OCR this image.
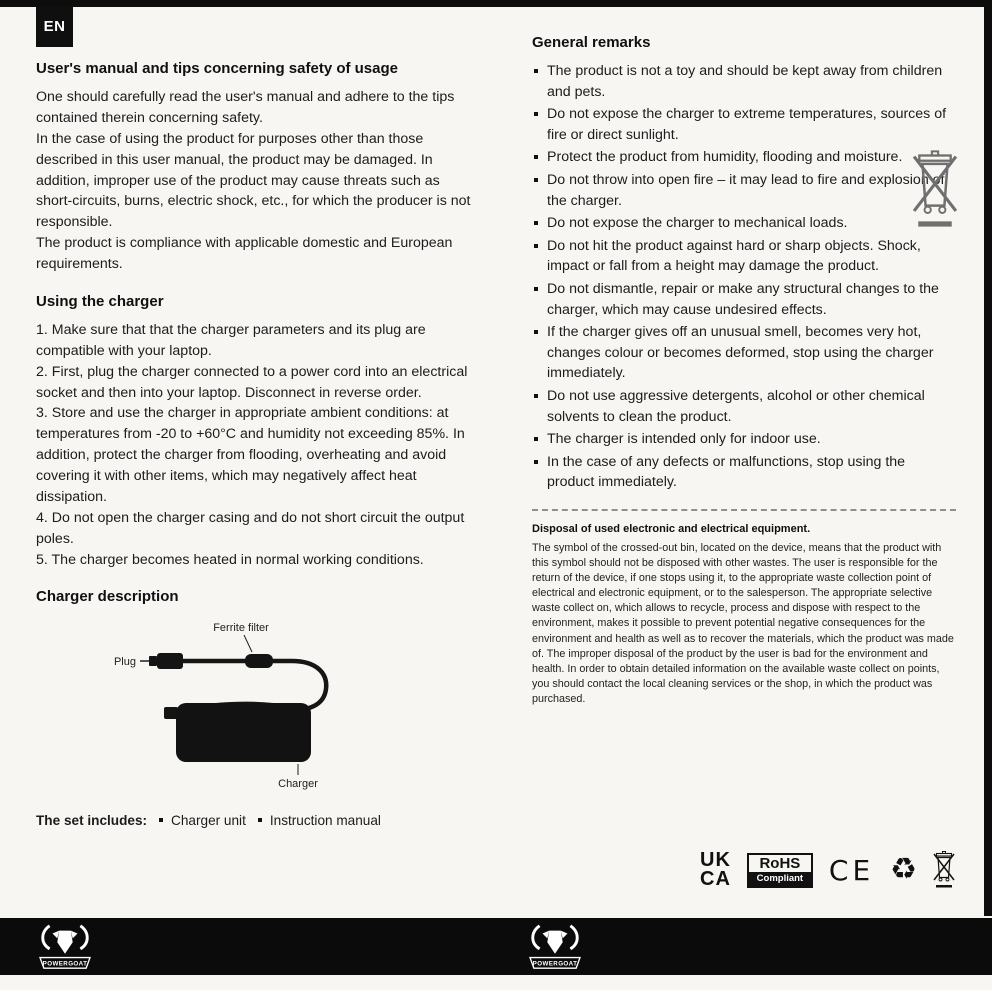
EN
User's manual and tips concerning safety of usage

One should carefully read the user's manual and adhere to the tips contained therein concerning safety.

In the case of using the product for purposes other than those described in this user manual, the product may be damaged. In addition, improper use of the product may cause threats such as short-circuits, burns, electric shock, etc., for which the producer is not responsible.

The product is compliance with applicable domestic and European requirements.

Using the charger

1. Make sure that that the charger parameters and its plug are compatible with your laptop.

2. First, plug the charger connected to a power cord into an electrical socket and then into your laptop. Disconnect in reverse order.

3. Store and use the charger in appropriate ambient conditions: at temperatures from -20 to +60°C and humidity not exceeding 85%. In addition, protect the charger from flooding, overheating and avoid covering it with other items, which may negatively affect heat dissipation.

4. Do not open the charger casing and do not short circuit the output poles.

5. The charger becomes heated in normal working conditions.

Charger description
Ferrite filter
Plug
Charger
The set includes:	Charger unit	Instruction manual
General remarks
The product is not a toy and should be kept away from children and pets.
Do not expose the charger to extreme temperatures, sources of fire or direct sunlight.
Protect the product from humidity, flooding and moisture.
Do not throw into open fire – it may lead to fire and explosion of the charger.
Do not expose the charger to mechanical loads.
Do not hit the product against hard or sharp objects. Shock, impact or fall from a height may damage the product.
Do not dismantle, repair or make any structural changes to the charger, which may cause undesired effects.
If the charger gives off an unusual smell, becomes very hot, changes colour or becomes deformed, stop using the charger immediately.
Do not use aggressive detergents, alcohol or other chemical solvents to clean the product.
The charger is intended only for indoor use.
In the case of any defects or malfunctions, stop using the product immediately.
Disposal of used electronic and electrical equipment.

The symbol of the crossed-out bin, located on the device, means that the product with this symbol should not be disposed with other wastes. The user is responsible for the return of the device, if one stops using it, to the appropriate waste collection point of electrical and electronic equipment, or to the salesperson. The appropriate selective waste collect on, which allows to recycle, process and dispose with respect to the environment, makes it possible to prevent potential negative consequences for the environment and health as well as to recover the materials, which the product was made of. The improper disposal of the product by the user is bad for the environment and health. In order to obtain detailed information on the available waste collect on points, you should contact the local cleaning services or the shop, in which the product was purchased.

UK
CA
RoHS
Compliant CE ♻
POWERGOAT	POWERGOAT
